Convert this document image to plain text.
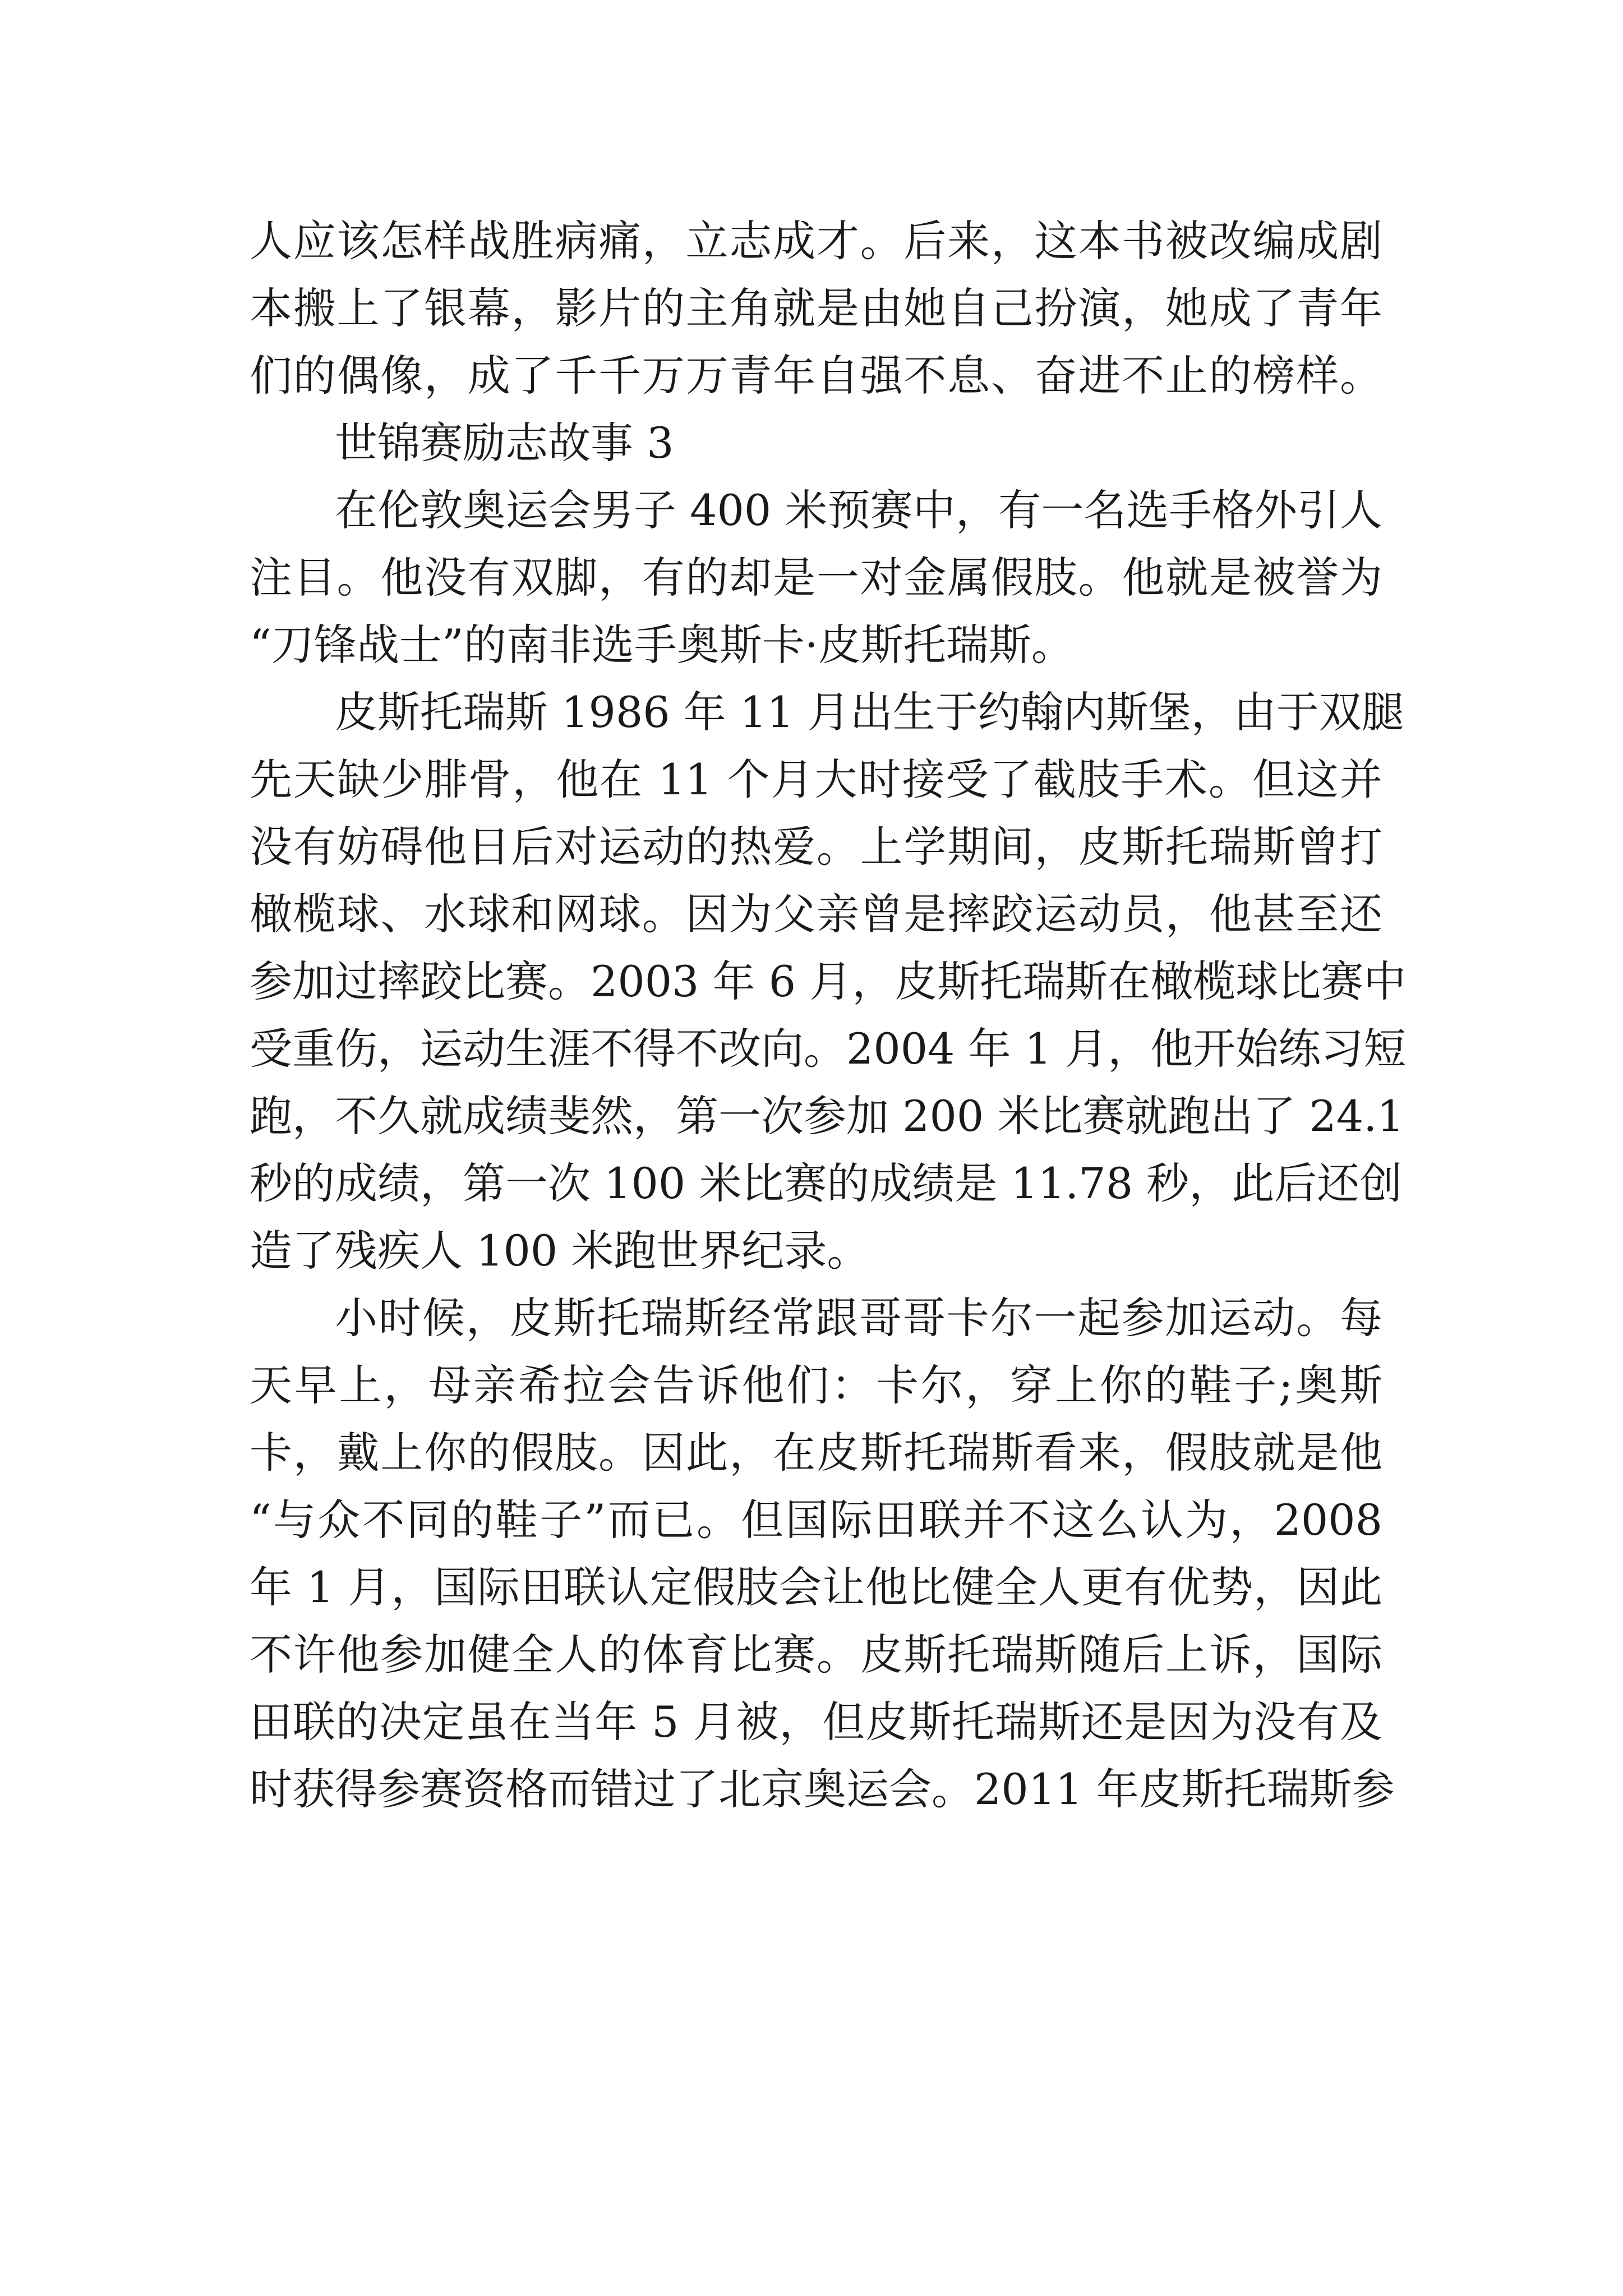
人应该怎样战胜病痛，立志成才。后来，这本书被改编成剧
本搬上了银幕，影片的主角就是由她自己扮演，她成了青年
们的偶像，成了千千万万青年自强不息、奋进不止的榜样。
世锦赛励志故事 3
在伦敦奥运会男子 400 米预赛中，有一名选手格外引人
注目。他没有双脚，有的却是一对金属假肢。他就是被誉为
“刀锋战士”的南非选手奥斯卡·皮斯托瑞斯。
皮斯托瑞斯 1986 年 11 月出生于约翰内斯堡，由于双腿
先天缺少腓骨，他在 11 个月大时接受了截肢手术。但这并
没有妨碍他日后对运动的热爱。上学期间，皮斯托瑞斯曾打
橄榄球、水球和网球。因为父亲曾是摔跤运动员，他甚至还
参加过摔跤比赛。2003 年 6 月，皮斯托瑞斯在橄榄球比赛中
受重伤，运动生涯不得不改向。2004 年 1 月，他开始练习短
跑，不久就成绩斐然，第一次参加 200 米比赛就跑出了 24.1
秒的成绩，第一次 100 米比赛的成绩是 11.78 秒，此后还创
造了残疾人 100 米跑世界纪录。
小时候，皮斯托瑞斯经常跟哥哥卡尔一起参加运动。每
天早上，母亲希拉会告诉他们：卡尔，穿上你的鞋子;奥斯
卡，戴上你的假肢。因此，在皮斯托瑞斯看来，假肢就是他
“与众不同的鞋子”而已。但国际田联并不这么认为，2008
年 1 月，国际田联认定假肢会让他比健全人更有优势，因此
不许他参加健全人的体育比赛。皮斯托瑞斯随后上诉，国际
田联的决定虽在当年 5 月被，但皮斯托瑞斯还是因为没有及
时获得参赛资格而错过了北京奥运会。2011 年皮斯托瑞斯参
